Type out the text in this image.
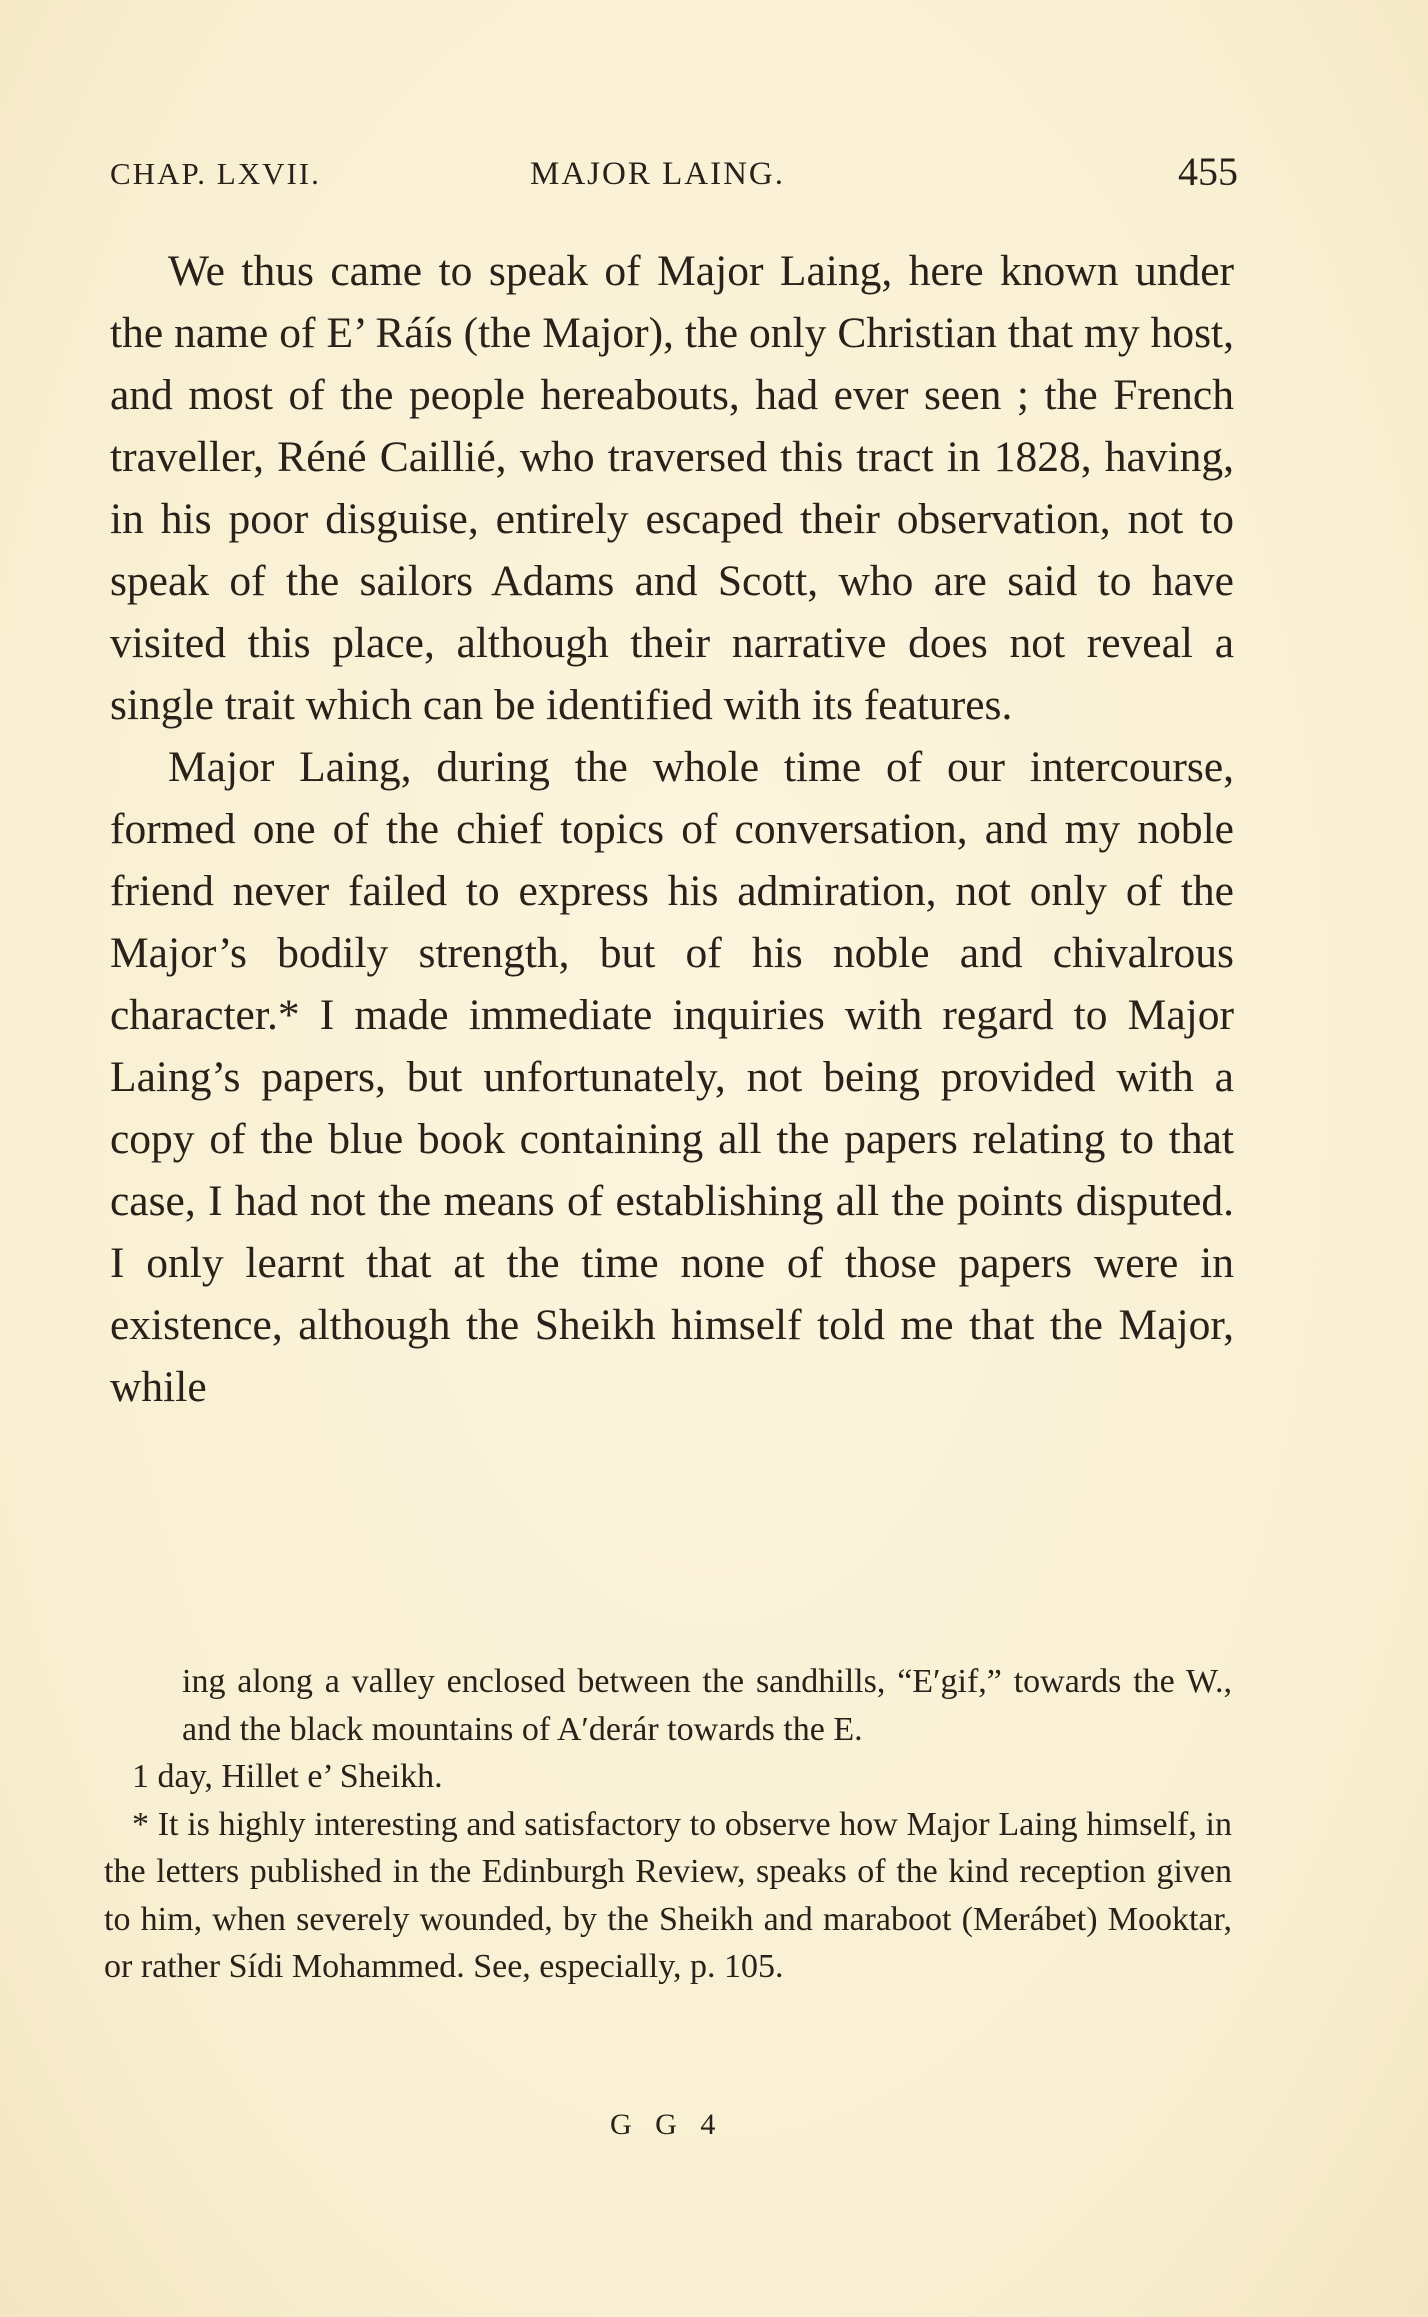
CHAP. LXVII.	MAJOR LAING.	455

We thus came to speak of Major Laing, here known under the name of E’ Ráís (the Major), the only Christian that my host, and most of the people hereabouts, had ever seen ; the French traveller, Réné Caillié, who traversed this tract in 1828, having, in his poor disguise, entirely escaped their observation, not to speak of the sailors Adams and Scott, who are said to have visited this place, although their narrative does not reveal a single trait which can be identified with its features.

Major Laing, during the whole time of our intercourse, formed one of the chief topics of conversation, and my noble friend never failed to express his admiration, not only of the Major’s bodily strength, but of his noble and chivalrous character.* I made immediate inquiries with regard to Major Laing’s papers, but unfortunately, not being provided with a copy of the blue book containing all the papers relating to that case, I had not the means of establishing all the points disputed. I only learnt that at the time none of those papers were in existence, although the Sheikh himself told me that the Major, while

ing along a valley enclosed between the sandhills, “E′gif,” towards the W., and the black mountains of A′derár towards the E.

1 day, Hillet e’ Sheikh.

* It is highly interesting and satisfactory to observe how Major Laing himself, in the letters published in the Edinburgh Review, speaks of the kind reception given to him, when severely wounded, by the Sheikh and maraboot (Merábet) Mooktar, or rather Sídi Mohammed. See, especially, p. 105.

G G 4
